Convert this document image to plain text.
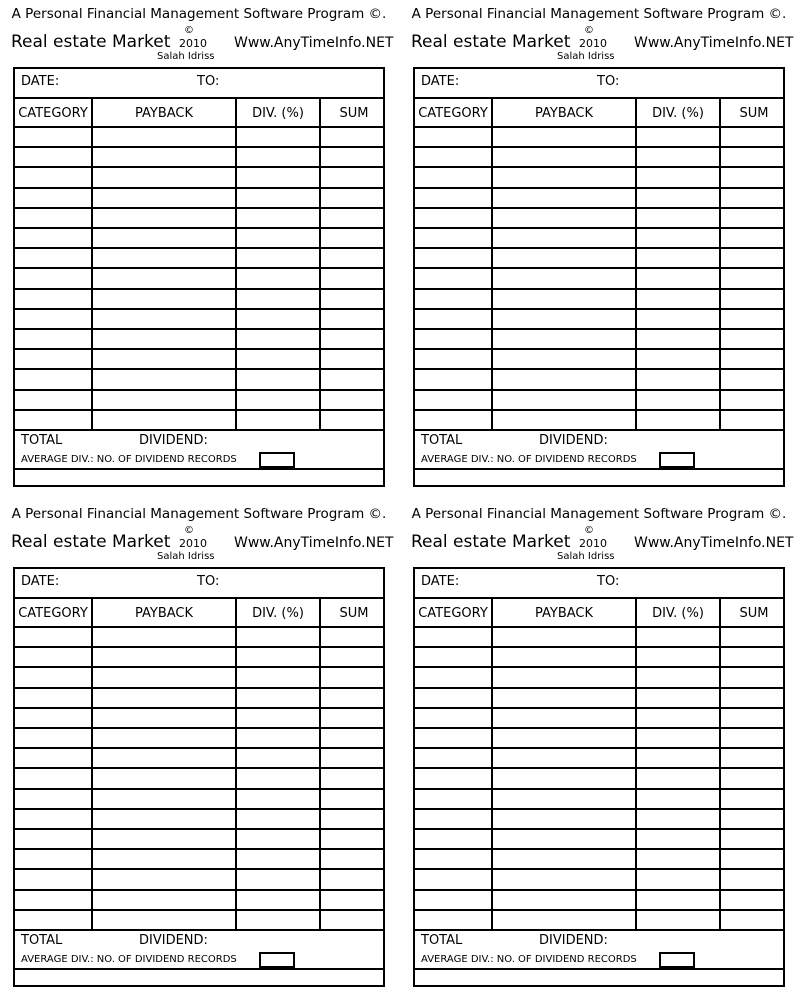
A Personal Financial Management Software Program ©.
Real estate Market
©
2010
Salah Idriss
Www.AnyTimeInfo.NET
DATE:	TO:
CATEGORY	PAYBACK	DIV. (%)	SUM
TOTAL	DIVIDEND:
AVERAGE DIV.: NO. OF DIVIDEND RECORDS
A Personal Financial Management Software Program ©.
Real estate Market
©
2010
Salah Idriss
Www.AnyTimeInfo.NET
DATE:	TO:
CATEGORY	PAYBACK	DIV. (%)	SUM
TOTAL	DIVIDEND:
AVERAGE DIV.: NO. OF DIVIDEND RECORDS
A Personal Financial Management Software Program ©.
Real estate Market
©
2010
Salah Idriss
Www.AnyTimeInfo.NET
DATE:	TO:
CATEGORY	PAYBACK	DIV. (%)	SUM
TOTAL	DIVIDEND:
AVERAGE DIV.: NO. OF DIVIDEND RECORDS
A Personal Financial Management Software Program ©.
Real estate Market
©
2010
Salah Idriss
Www.AnyTimeInfo.NET
DATE:	TO:
CATEGORY	PAYBACK	DIV. (%)	SUM
TOTAL	DIVIDEND:
AVERAGE DIV.: NO. OF DIVIDEND RECORDS
